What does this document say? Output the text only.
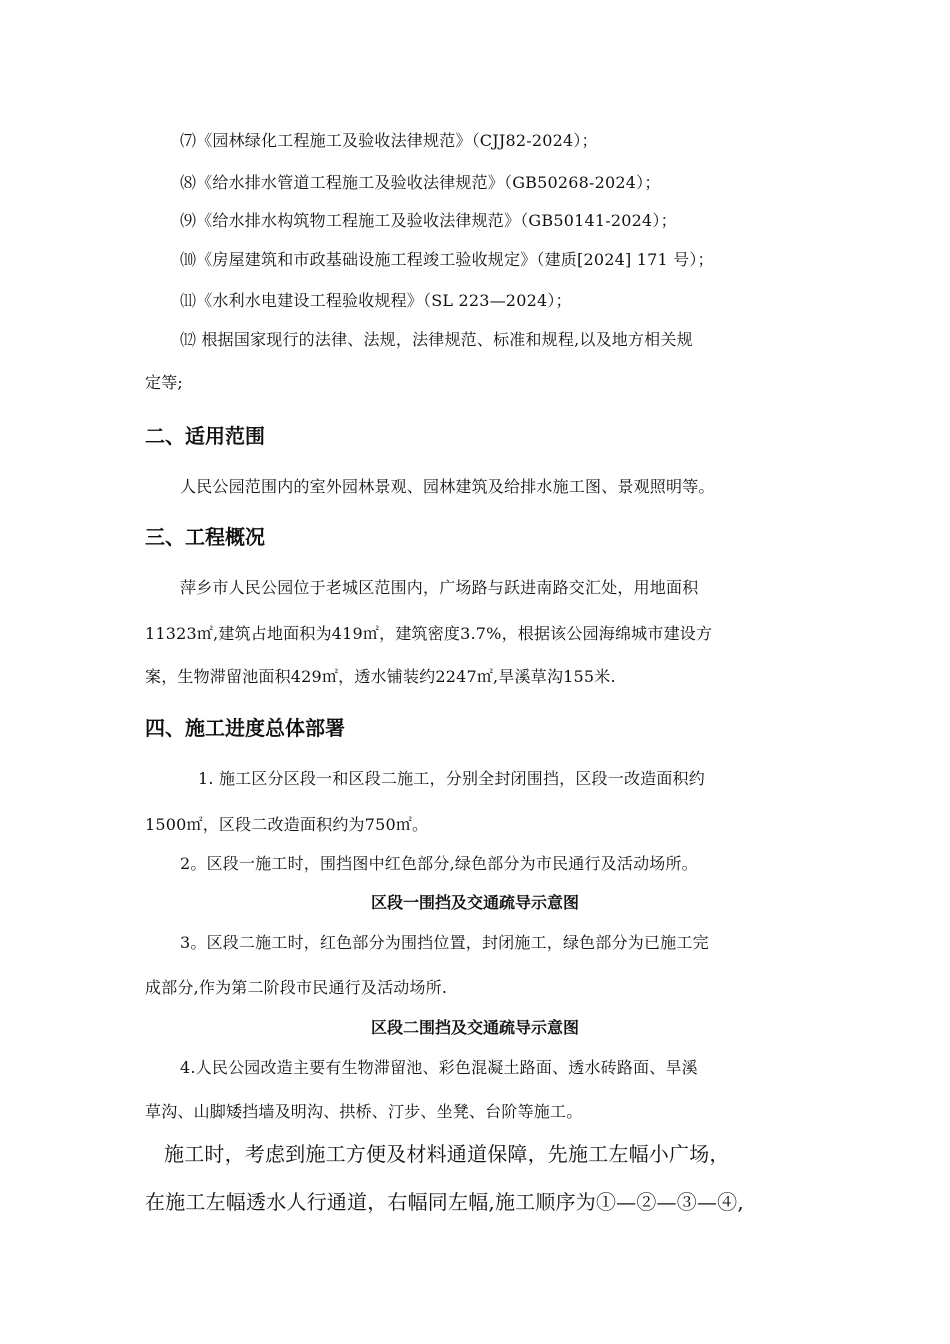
⑺《园林绿化工程施工及验收法律规范》（CJJ82-2024）；
⑻《给水排水管道工程施工及验收法律规范》（GB50268-2024）；
⑼《给水排水构筑物工程施工及验收法律规范》（GB50141-2024）；
⑽《房屋建筑和市政基础设施工程竣工验收规定》（建质[2024] 171 号）；
⑾《水利水电建设工程验收规程》（SL 223—2024）；
⑿ 根据国家现行的法律、法规，法律规范、标准和规程,以及地方相关规
定等;
二、适用范围
人民公园范围内的室外园林景观、园林建筑及给排水施工图、景观照明等。
三、工程概况
萍乡市人民公园位于老城区范围内，广场路与跃进南路交汇处，用地面积
11323㎡,建筑占地面积为419㎡，建筑密度3.7%，根据该公园海绵城市建设方
案，生物滞留池面积429㎡，透水铺装约2247㎡,旱溪草沟155米.
四、施工进度总体部署
1. 施工区分区段一和区段二施工，分别全封闭围挡，区段一改造面积约
1500㎡，区段二改造面积约为750㎡。
2。区段一施工时，围挡图中红色部分,绿色部分为市民通行及活动场所。
区段一围挡及交通疏导示意图
3。区段二施工时，红色部分为围挡位置，封闭施工，绿色部分为已施工完
成部分,作为第二阶段市民通行及活动场所.
区段二围挡及交通疏导示意图
4.人民公园改造主要有生物滞留池、彩色混凝土路面、透水砖路面、旱溪
草沟、山脚矮挡墙及明沟、拱桥、汀步、坐凳、台阶等施工。
施工时，考虑到施工方便及材料通道保障，先施工左幅小广场，
在施工左幅透水人行通道，右幅同左幅,施工顺序为①—②—③—④,
